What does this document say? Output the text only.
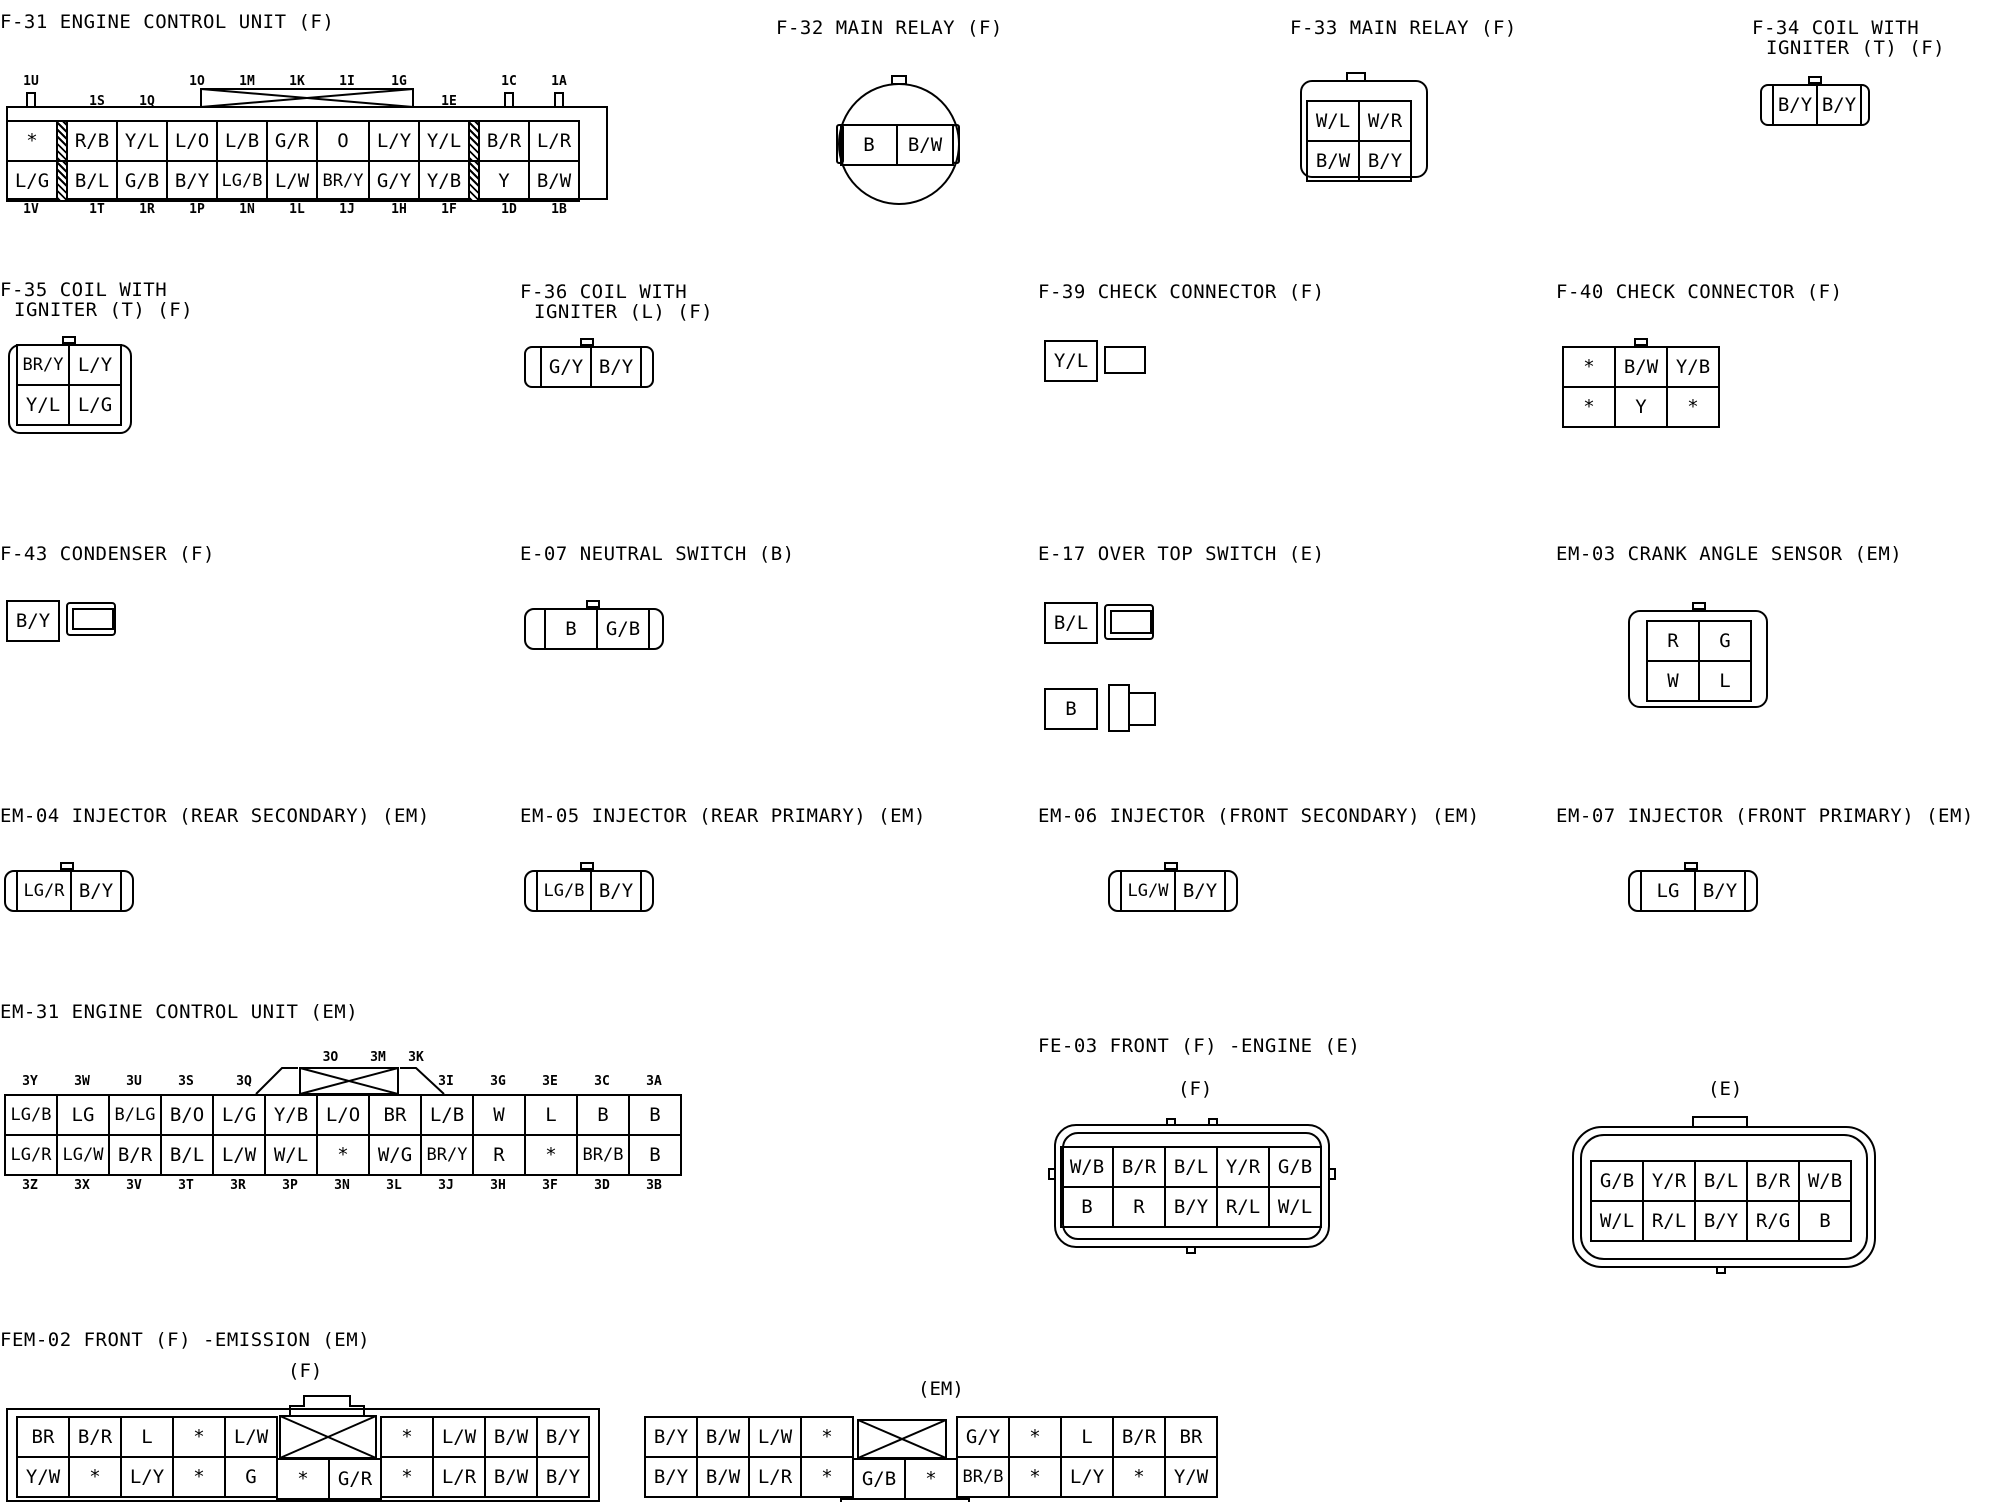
F-31 ENGINE CONTROL UNIT (F)
*	R/B Y/L L/O L/B G/R	O	L/Y Y/L	B/R L/R
L/G	B/L G/B B/Y LG/B L/W BR/Y G/Y Y/B	Y	B/W
1U
1S	1Q
1O	1M	1K	1I	1G
1E
1C	1A
1V	1T	1R	1P	1N	1L	1J	1H	1F	1D	1B
F-32 MAIN RELAY (F)
B	B/W
F-33 MAIN RELAY (F)
W/L W/R
B/W B/Y
F-34 COIL WITH
IGNITER (T) (F)
B/Y B/Y
F-35 COIL WITH
IGNITER (T) (F)
BR/Y L/Y
Y/L L/G
F-36 COIL WITH
IGNITER (L) (F)
G/Y B/Y
F-39 CHECK CONNECTOR (F)
Y/L
F-40 CHECK CONNECTOR (F)
*	B/W Y/B
*	Y	*
F-43 CONDENSER (F)
B/Y
E-07 NEUTRAL SWITCH (B)
B	G/B
E-17 OVER TOP SWITCH (E)
B/L
B
EM-03 CRANK ANGLE SENSOR (EM)
R	G
W	L
EM-04 INJECTOR (REAR SECONDARY) (EM)
LG/R B/Y
EM-05 INJECTOR (REAR PRIMARY) (EM)
LG/B B/Y
EM-06 INJECTOR (FRONT SECONDARY) (EM)
LG/W B/Y
EM-07 INJECTOR (FRONT PRIMARY) (EM)
LG	B/Y
EM-31 ENGINE CONTROL UNIT (EM)
3Y	3W	3U	3S	3Q
3O	3M	3K
3I	3G	3E	3C	3A
3Z	3X	3V	3T	3R	3P	3N	3L	3J	3H	3F	3D	3B
LG/B	LG	B/LG B/O L/G Y/B L/O	BR	L/B	W	L	B	B
LG/R LG/W B/R B/L L/W W/L	*	W/G BR/Y	R	*	BR/B	B
FE-03 FRONT (F) -ENGINE (E)
(F)
W/B B/R B/L Y/R G/B
B	R	B/Y R/L W/L
(E)
G/B Y/R B/L B/R W/B
W/L R/L B/Y R/G	B
FEM-02 FRONT (F) -EMISSION (EM)
(F)
(EM)
BR	B/R	L	*	L/W
Y/W	*	L/Y	*	G	*	G/R
*	L/W B/W B/Y
*	L/R B/W B/Y
B/Y B/W L/W	*
B/Y B/W L/R	*	G/B	*
G/Y	*	L	B/R	BR
BR/B	*	L/Y	*	Y/W
